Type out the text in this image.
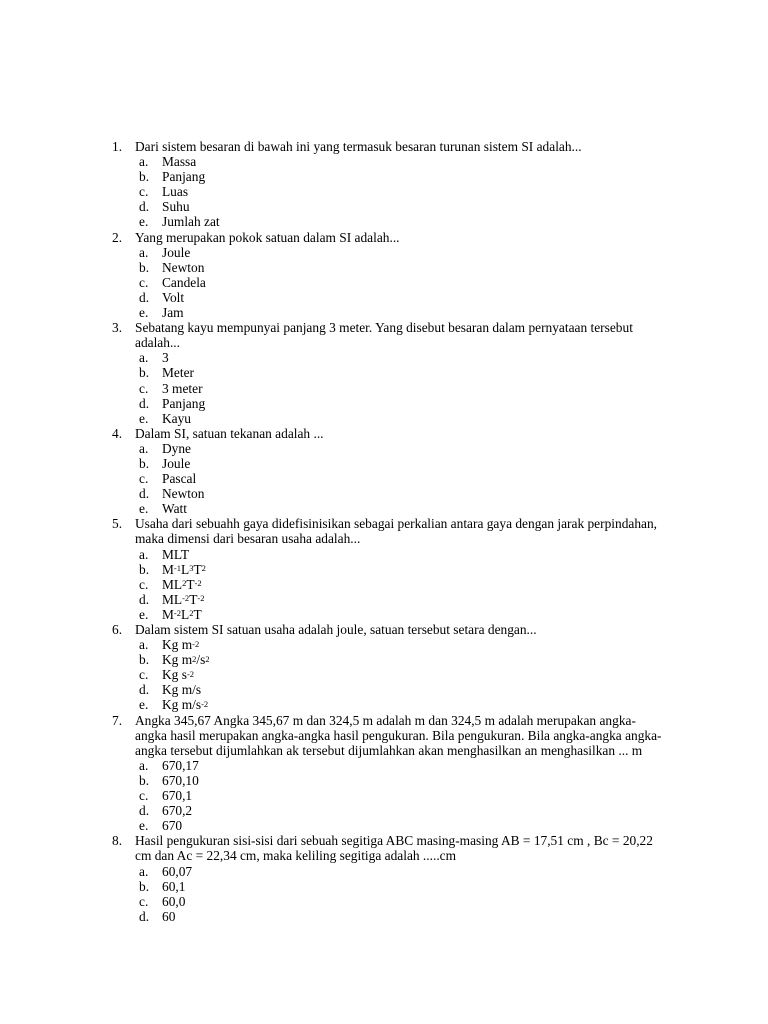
1. Dari sistem besaran di bawah ini yang termasuk besaran turunan sistem SI adalah...

a. Massa
b. Panjang
c. Luas
d. Suhu
e. Jumlah zat
2. Yang merupakan pokok satuan dalam SI adalah...

a. Joule
b. Newton
c. Candela
d. Volt
e. Jam
3. Sebatang kayu mempunyai panjang 3 meter. Yang disebut besaran dalam pernyataan tersebut adalah...

a. 3
b. Meter
c. 3 meter
d. Panjang
e. Kayu
4. Dalam SI, satuan tekanan adalah ...

a. Dyne
b. Joule
c. Pascal
d. Newton
e. Watt
5. Usaha dari sebuahh gaya didefisinisikan sebagai perkalian antara gaya dengan jarak perpindahan, maka dimensi dari besaran usaha adalah...

a. MLT
b. $M^{-1}L^3T^2$
c. $ML^2T^{-2}$
d. $ML^{-2}T^{-2}$
e. $M^{-2}L^2T$
6. Dalam sistem SI satuan usaha adalah joule, satuan tersebut setara dengan...

a. Kg $m^{-2}$
b. Kg $m^2/s^2$
c. Kg $s^{-2}$
d. Kg m/s
e. Kg $m/s^{-2}$
7. Angka 345,67 Angka 345,67 m dan 324,5 m adalah m dan 324,5 m adalah merupakan angka-angka hasil merupakan angka-angka hasil pengukuran. Bila pengukuran. Bila angka-angka angka-angka tersebut dijumlahkan ak tersebut dijumlahkan akan menghasilkan an menghasilkan ... m

a. 670,17
b. 670,10
c. 670,1
d. 670,2
e. 670
8. Hasil pengukuran sisi-sisi dari sebuah segitiga ABC masing-masing AB = 17,51 cm , Bc = 20,22 cm dan Ac = 22,34 cm, maka keliling segitiga adalah .....cm

a. 60,07
b. 60,1
c. 60,0
d. 60
